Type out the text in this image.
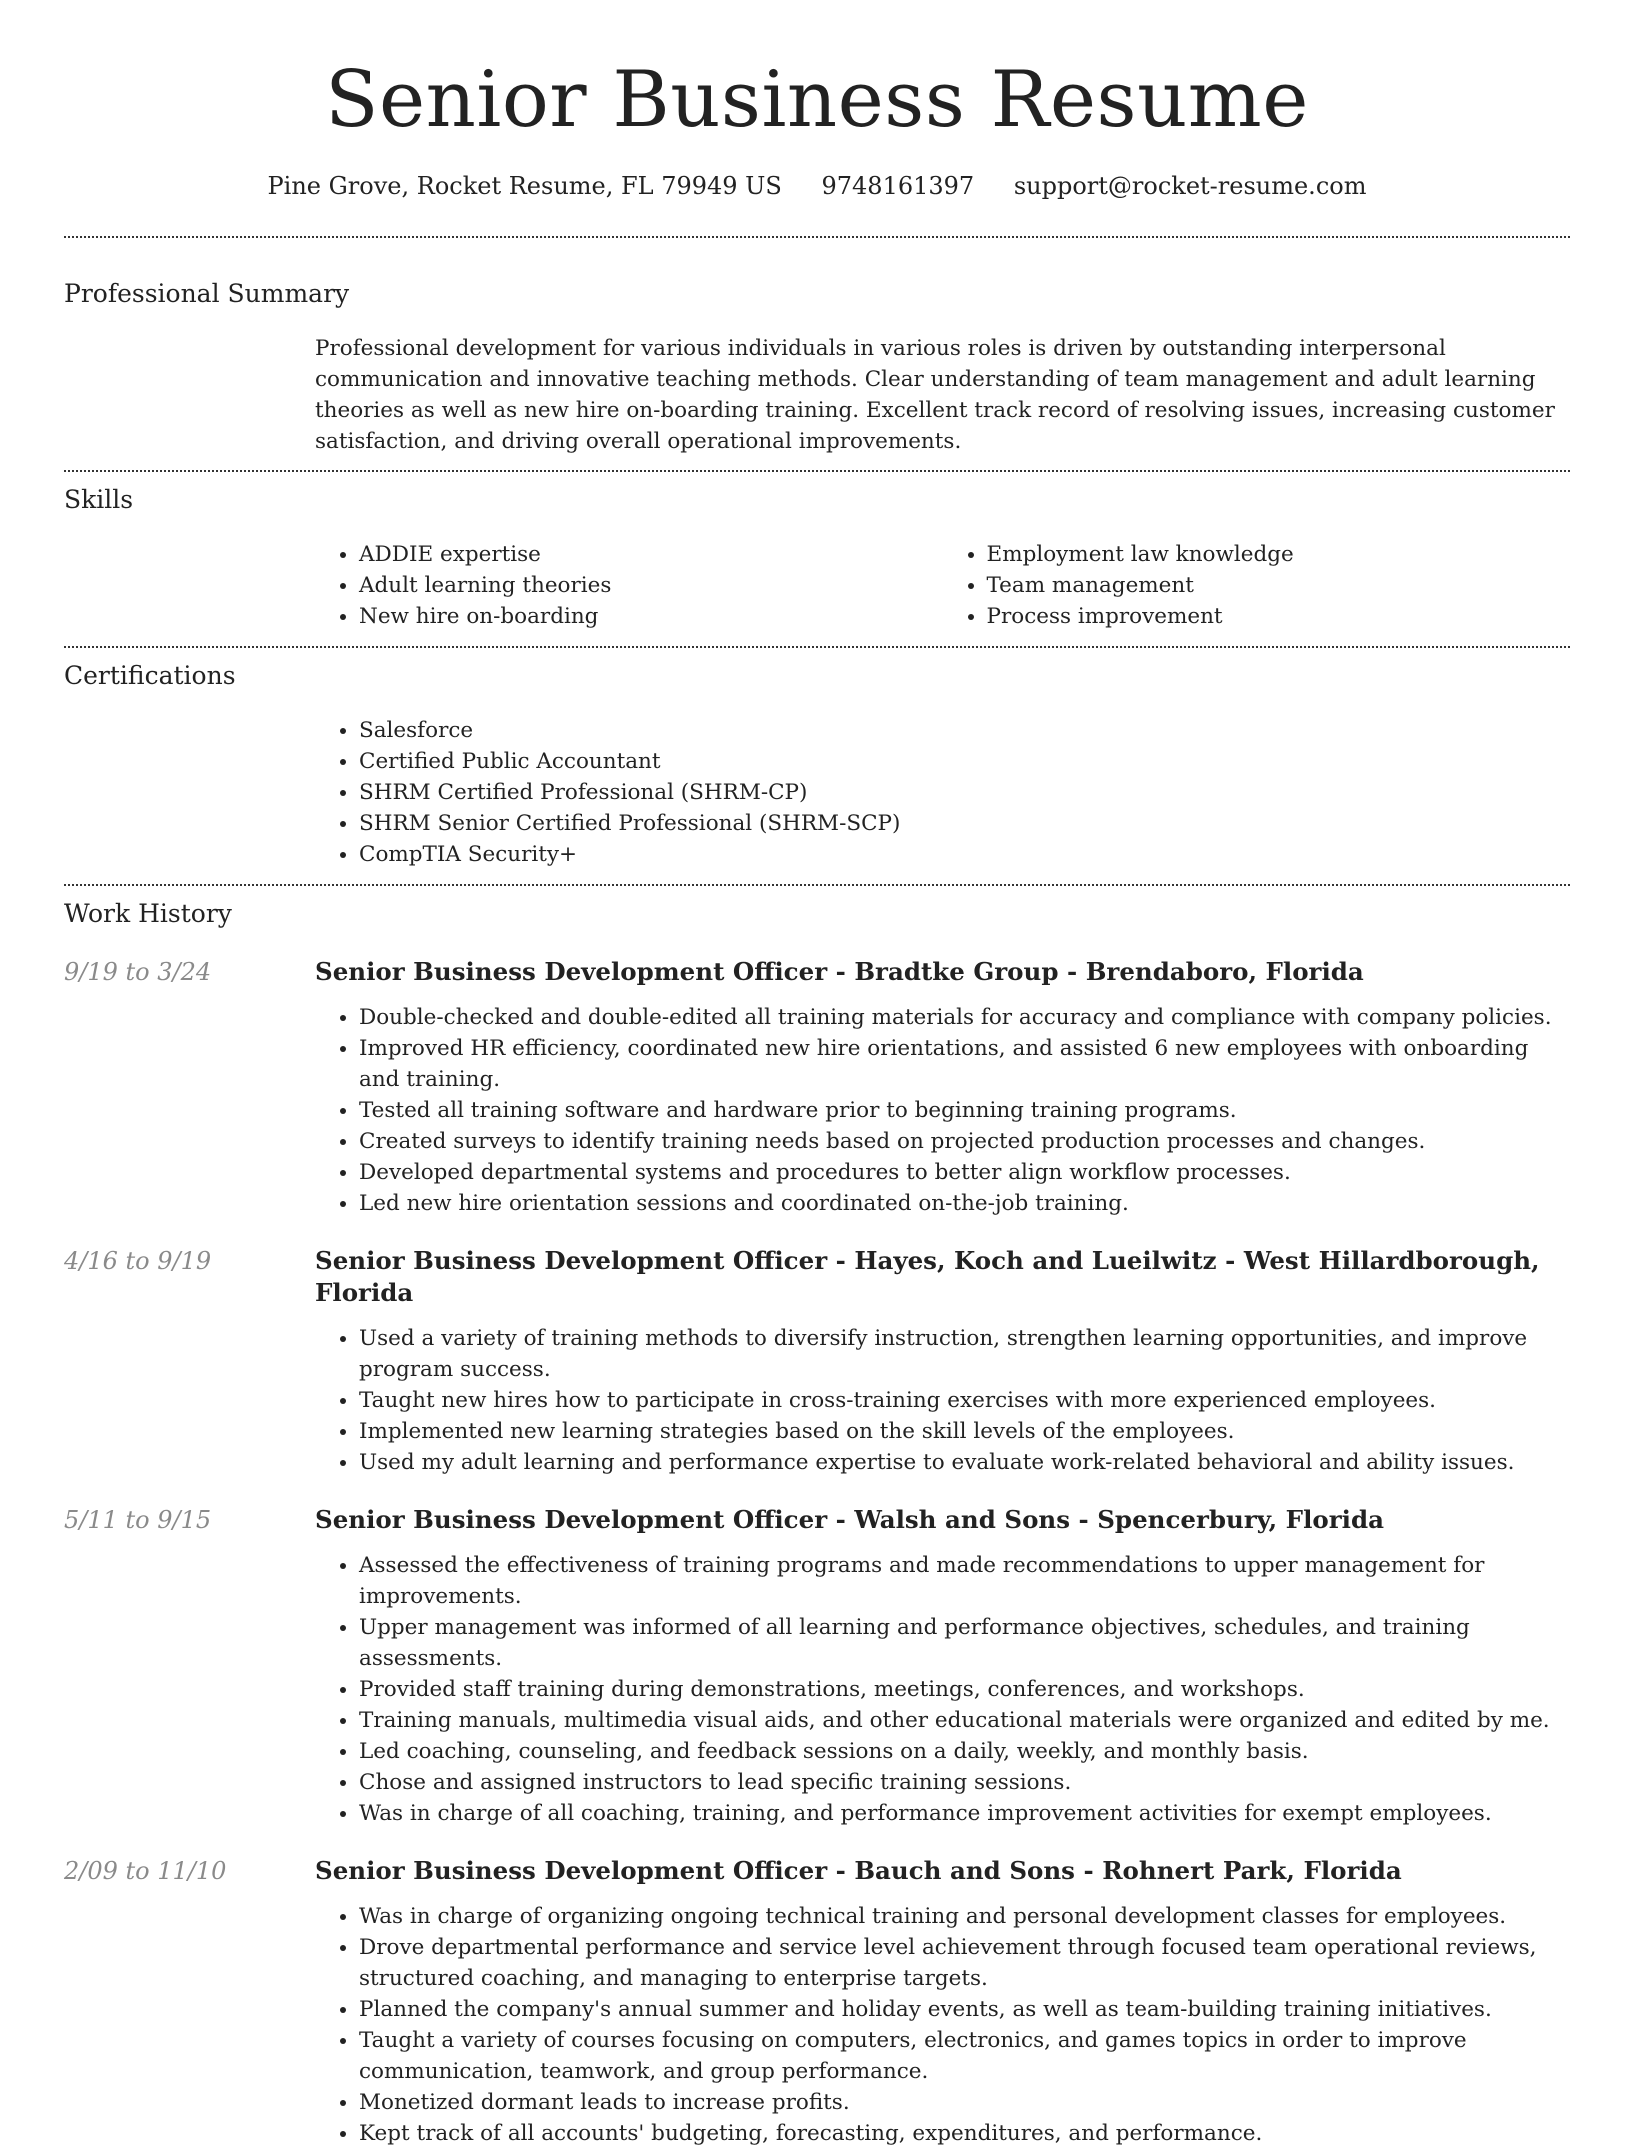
Senior Business Resume
Pine Grove, Rocket Resume, FL 79949 US 9748161397 support@rocket-resume.com
Professional Summary

Professional development for various individuals in various roles is driven by outstanding interpersonal communication and innovative teaching methods. Clear understanding of team management and adult learning theories as well as new hire on-boarding training. Excellent track record of resolving issues, increasing customer satisfaction, and driving overall operational improvements.

Skills
• ADDIE expertise
• Adult learning theories
• New hire on-boarding
• Employment law knowledge
• Team management
• Process improvement
Certifications
• Salesforce
• Certified Public Accountant
• SHRM Certified Professional (SHRM-CP)
• SHRM Senior Certified Professional (SHRM-SCP)
• CompTIA Security+
Work History
9/19 to 3/24	Senior Business Development Officer - Bradtke Group - Brendaboro, Florida
• Double-checked and double-edited all training materials for accuracy and compliance with company policies.
• Improved HR efficiency, coordinated new hire orientations, and assisted 6 new employees with onboarding and training.
• Tested all training software and hardware prior to beginning training programs.
• Created surveys to identify training needs based on projected production processes and changes.
• Developed departmental systems and procedures to better align workflow processes.
• Led new hire orientation sessions and coordinated on-the-job training.
4/16 to 9/19	Senior Business Development Officer - Hayes, Koch and Lueilwitz - West Hillardborough, Florida
• Used a variety of training methods to diversify instruction, strengthen learning opportunities, and improve program success.
• Taught new hires how to participate in cross-training exercises with more experienced employees.
• Implemented new learning strategies based on the skill levels of the employees.
• Used my adult learning and performance expertise to evaluate work-related behavioral and ability issues.
5/11 to 9/15	Senior Business Development Officer - Walsh and Sons - Spencerbury, Florida
• Assessed the effectiveness of training programs and made recommendations to upper management for improvements.
• Upper management was informed of all learning and performance objectives, schedules, and training assessments.
• Provided staff training during demonstrations, meetings, conferences, and workshops.
• Training manuals, multimedia visual aids, and other educational materials were organized and edited by me.
• Led coaching, counseling, and feedback sessions on a daily, weekly, and monthly basis.
• Chose and assigned instructors to lead specific training sessions.
• Was in charge of all coaching, training, and performance improvement activities for exempt employees.
2/09 to 11/10	Senior Business Development Officer - Bauch and Sons - Rohnert Park, Florida
• Was in charge of organizing ongoing technical training and personal development classes for employees.
• Drove departmental performance and service level achievement through focused team operational reviews, structured coaching, and managing to enterprise targets.
• Planned the company's annual summer and holiday events, as well as team-building training initiatives.
• Taught a variety of courses focusing on computers, electronics, and games topics in order to improve communication, teamwork, and group performance.
• Monetized dormant leads to increase profits.
• Kept track of all accounts' budgeting, forecasting, expenditures, and performance.
